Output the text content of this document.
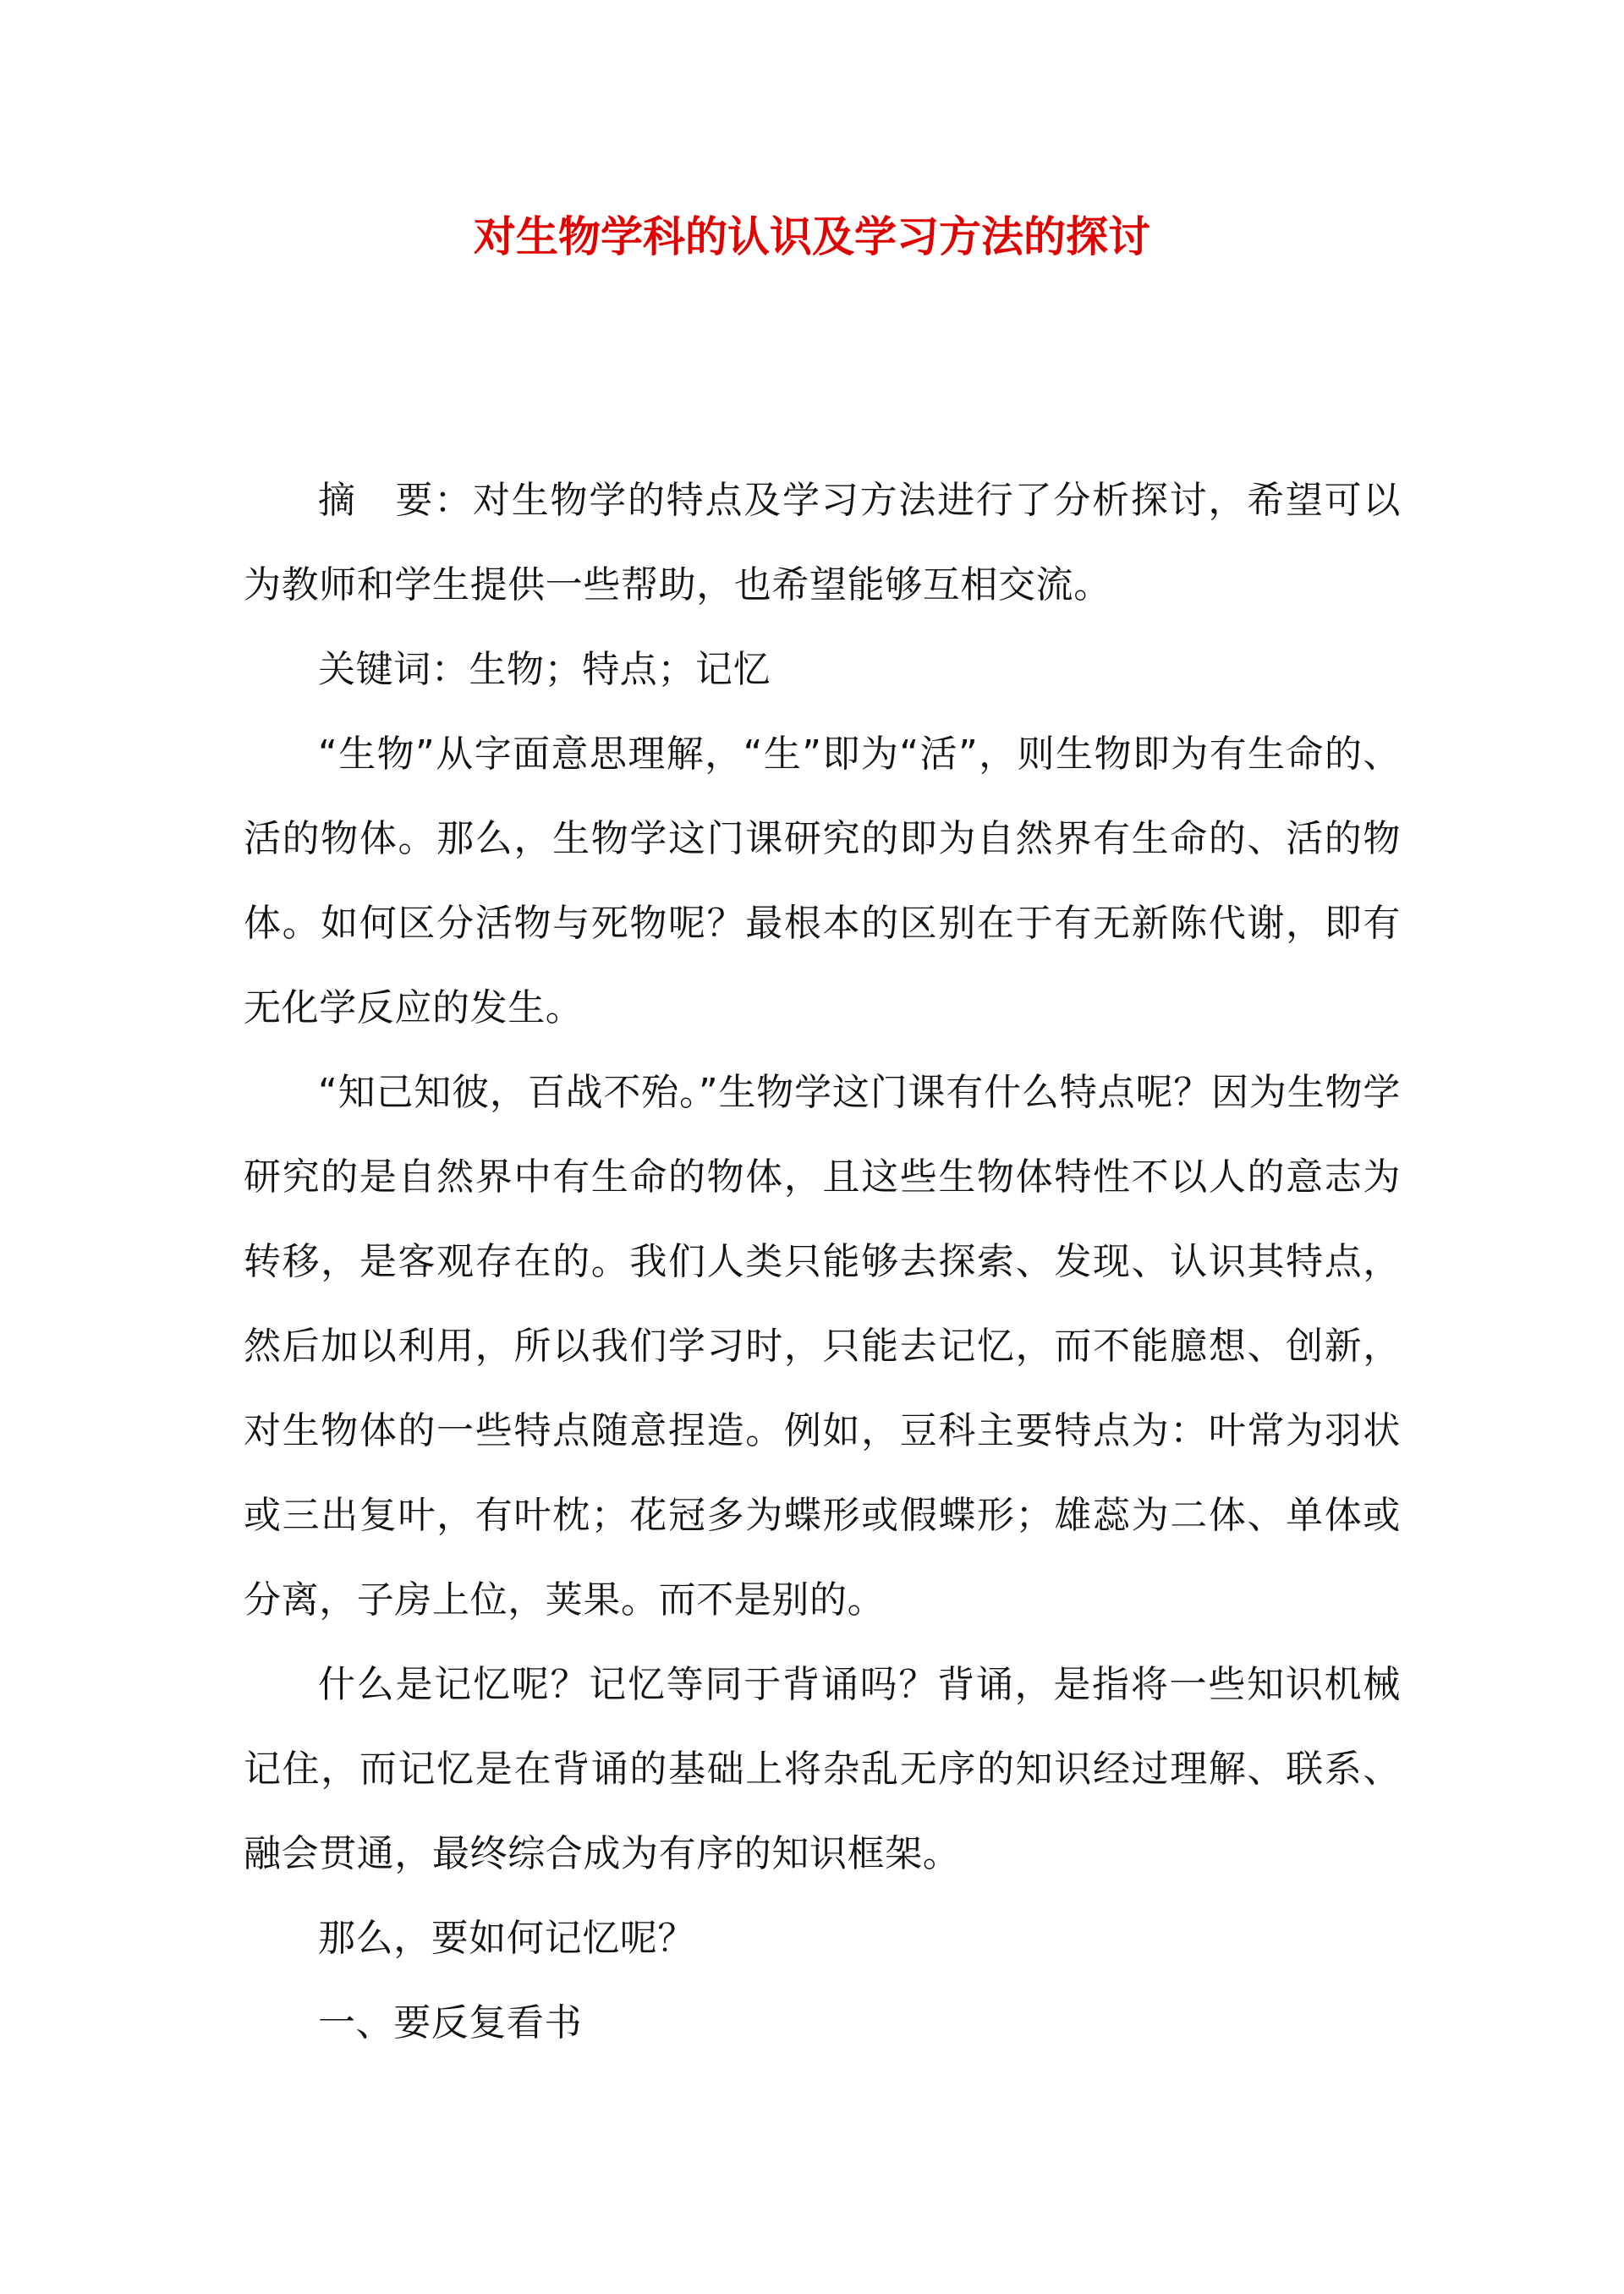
对生物学科的认识及学习方法的探讨

摘　要：对生物学的特点及学习方法进行了分析探讨，希望可以为教师和学生提供一些帮助，也希望能够互相交流。

关键词：生物；特点；记忆

“生物”从字面意思理解，“生”即为“活”，则生物即为有生命的、活的物体。那么，生物学这门课研究的即为自然界有生命的、活的物体。如何区分活物与死物呢？最根本的区别在于有无新陈代谢，即有无化学反应的发生。

“知己知彼，百战不殆。”生物学这门课有什么特点呢？因为生物学研究的是自然界中有生命的物体，且这些生物体特性不以人的意志为转移，是客观存在的。我们人类只能够去探索、发现、认识其特点，然后加以利用，所以我们学习时，只能去记忆，而不能臆想、创新，对生物体的一些特点随意捏造。例如，豆科主要特点为：叶常为羽状或三出复叶，有叶枕；花冠多为蝶形或假蝶形；雄蕊为二体、单体或分离，子房上位，荚果。而不是别的。

什么是记忆呢？记忆等同于背诵吗？背诵，是指将一些知识机械记住，而记忆是在背诵的基础上将杂乱无序的知识经过理解、联系、融会贯通，最终综合成为有序的知识框架。

那么，要如何记忆呢？

一、要反复看书
